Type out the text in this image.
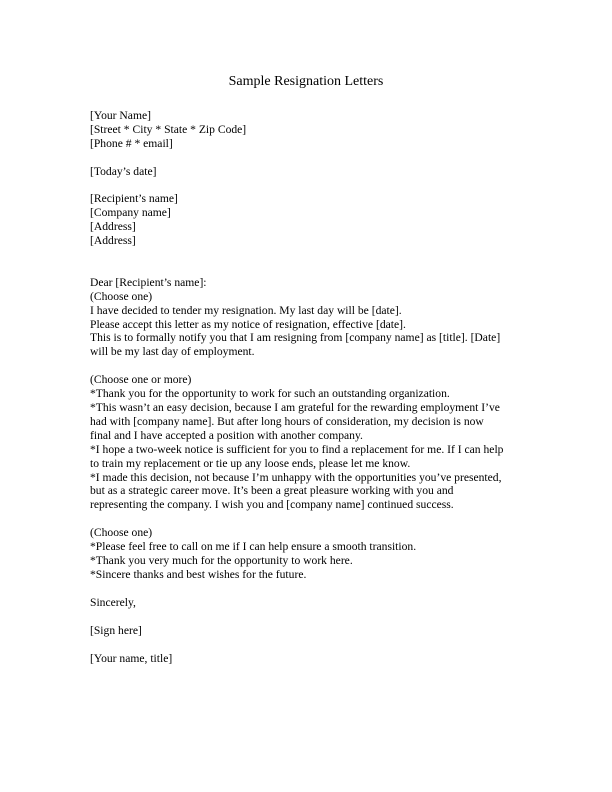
Sample Resignation Letters
[Your Name]
[Street * City * State * Zip Code]
[Phone # * email]
[Today’s date]
[Recipient’s name]
[Company name]
[Address]
[Address]
Dear [Recipient’s name]:
(Choose one)
I have decided to tender my resignation. My last day will be [date].
Please accept this letter as my notice of resignation, effective [date].
This is to formally notify you that I am resigning from [company name] as [title]. [Date]
will be my last day of employment.
(Choose one or more)
*Thank you for the opportunity to work for such an outstanding organization.
*This wasn’t an easy decision, because I am grateful for the rewarding employment I’ve
had with [company name]. But after long hours of consideration, my decision is now
final and I have accepted a position with another company.
*I hope a two-week notice is sufficient for you to find a replacement for me. If I can help
to train my replacement or tie up any loose ends, please let me know.
*I made this decision, not because I’m unhappy with the opportunities you’ve presented,
but as a strategic career move. It’s been a great pleasure working with you and
representing the company. I wish you and [company name] continued success.
(Choose one)
*Please feel free to call on me if I can help ensure a smooth transition.
*Thank you very much for the opportunity to work here.
*Sincere thanks and best wishes for the future.
Sincerely,
[Sign here]
[Your name, title]
